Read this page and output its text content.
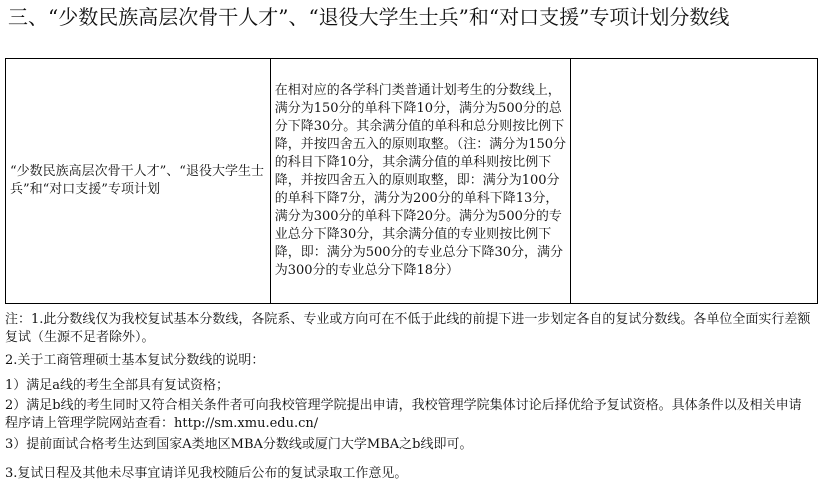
三、“少数民族高层次骨干人才”、“退役大学生士兵”和“对口支援”专项计划分数线
“少数民族高层次骨干人才”、“退役大学生士兵”和“对口支援”专项计划	在相对应的各学科门类普通计划考生的分数线上，满分为150分的单科下降10分，满分为500分的总分下降30分。其余满分值的单科和总分则按比例下降，并按四舍五入的原则取整。（注：满分为150分的科目下降10分，其余满分值的单科则按比例下降，并按四舍五入的原则取整，即：满分为100分的单科下降7分，满分为200分的单科下降13分，满分为300分的单科下降20分。满分为500分的专业总分下降30分，其余满分值的专业则按比例下降，即：满分为500分的专业总分下降30分，满分为300分的专业总分下降18分）	

注：1.此分数线仅为我校复试基本分数线，各院系、专业或方向可在不低于此线的前提下进一步划定各自的复试分数线。各单位全面实行差额复试（生源不足者除外）。

2.关于工商管理硕士基本复试分数线的说明：

1）满足a线的考生全部具有复试资格；

2）满足b线的考生同时又符合相关条件者可向我校管理学院提出申请，我校管理学院集体讨论后择优给予复试资格。具体条件以及相关申请程序请上管理学院网站查看：http://sm.xmu.edu.cn/

3）提前面试合格考生达到国家A类地区MBA分数线或厦门大学MBA之b线即可。

3.复试日程及其他未尽事宜请详见我校随后公布的复试录取工作意见。
